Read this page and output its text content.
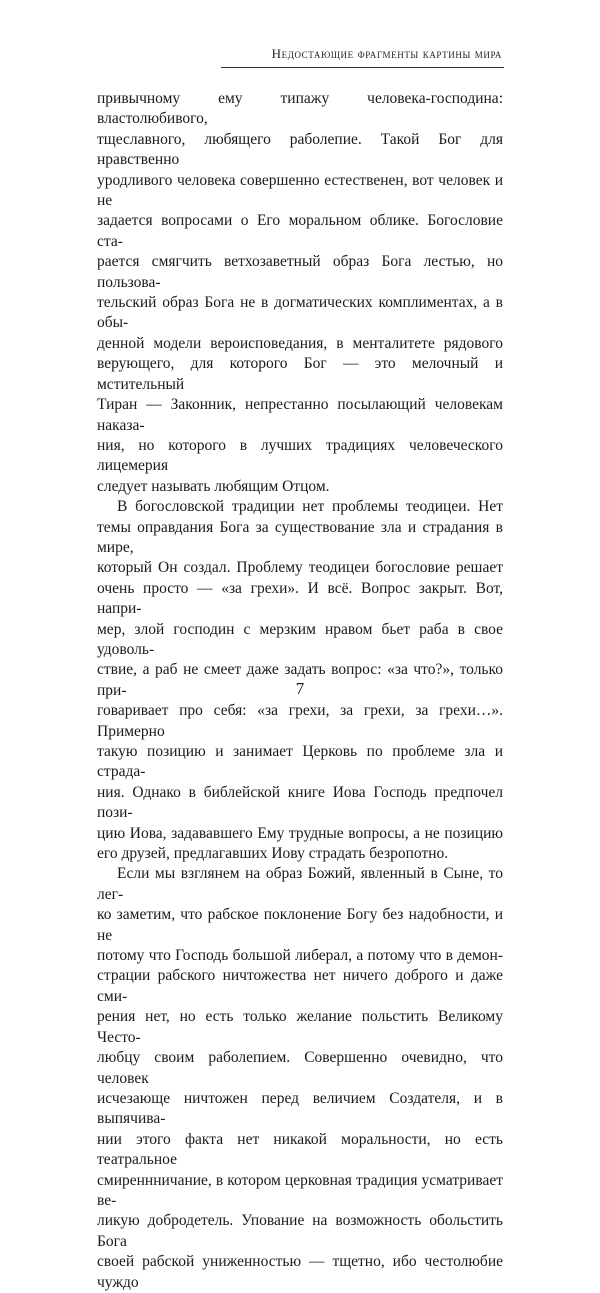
Недостающие фрагменты картины мира
привычному ему типажу человека-господина: властолюбивого,
тщеславного, любящего раболепие. Такой Бог для нравственно
уродливого человека совершенно естественен, вот человек и не
задается вопросами о Его моральном облике. Богословие ста-
рается смягчить ветхозаветный образ Бога лестью, но пользова-
тельский образ Бога не в догматических комплиментах, а в обы-
денной модели вероисповедания, в менталитете рядового
верующего, для которого Бог — это мелочный и мстительный
Тиран — Законник, непрестанно посылающий человекам наказа-
ния, но которого в лучших традициях человеческого лицемерия
следует называть любящим Отцом.
В богословской традиции нет проблемы теодицеи. Нет
темы оправдания Бога за существование зла и страдания в мире,
который Он создал. Проблему теодицеи богословие решает
очень просто — «за грехи». И всё. Вопрос закрыт. Вот, напри-
мер, злой господин с мерзким нравом бьет раба в свое удоволь-
ствие, а раб не смеет даже задать вопрос: «за что?», только при-
говаривает про себя: «за грехи, за грехи, за грехи…». Примерно
такую позицию и занимает Церковь по проблеме зла и страда-
ния. Однако в библейской книге Иова Господь предпочел пози-
цию Иова, задававшего Ему трудные вопросы, а не позицию
его друзей, предлагавших Иову страдать безропотно.
Если мы взглянем на образ Божий, явленный в Сыне, то лег-
ко заметим, что рабское поклонение Богу без надобности, и не
потому что Господь большой либерал, а потому что в демон-
страции рабского ничтожества нет ничего доброго и даже сми-
рения нет, но есть только желание польстить Великому Често-
любцу своим раболепием. Совершенно очевидно, что человек
исчезающе ничтожен перед величием Создателя, и в выпячива-
нии этого факта нет никакой моральности, но есть театральное
смиреннничание, в котором церковная традиция усматривает ве-
ликую добродетель. Упование на возможность обольстить Бога
своей рабской униженностью — тщетно, ибо честолюбие чуждо
7
